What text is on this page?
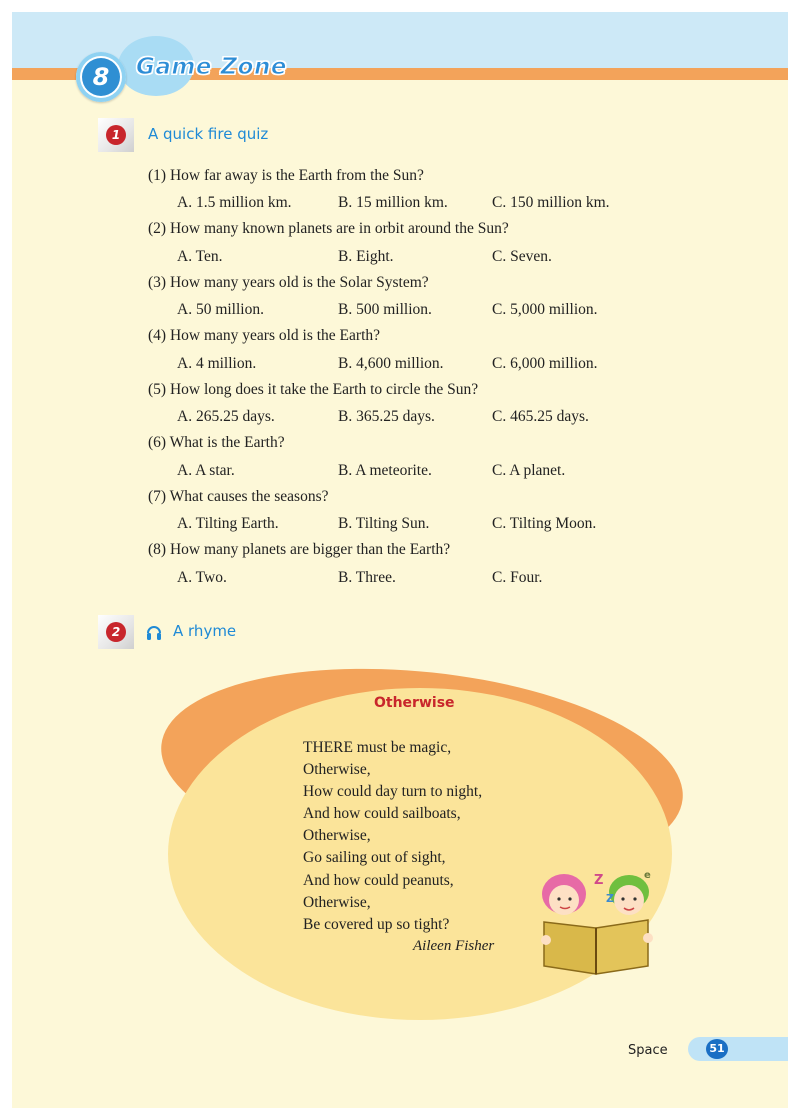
8	Game Zone
1	A quick fire quiz
(1) How far away is the Earth from the Sun?
A. 1.5 million km.	B. 15 million km.	C. 150 million km.
(2) How many known planets are in orbit around the Sun?
A. Ten.	B. Eight.	C. Seven.
(3) How many years old is the Solar System?
A. 50 million.	B. 500 million.	C. 5,000 million.
(4) How many years old is the Earth?
A. 4 million.	B. 4,600 million.	C. 6,000 million.
(5) How long does it take the Earth to circle the Sun?
A. 265.25 days.	B. 365.25 days.	C. 465.25 days.
(6) What is the Earth?
A. A star.	B. A meteorite.	C. A planet.
(7) What causes the seasons?
A. Tilting Earth.	B. Tilting Sun.	C. Tilting Moon.
(8) How many planets are bigger than the Earth?
A. Two.	B. Three.	C. Four.
2	A rhyme
Otherwise
THERE must be magic,
Otherwise,
How could day turn to night,
And how could sailboats,
Otherwise,
Go sailing out of sight,
And how could peanuts,
Otherwise,
Be covered up so tight?
Aileen Fisher
Z
Z
e
Space	51
